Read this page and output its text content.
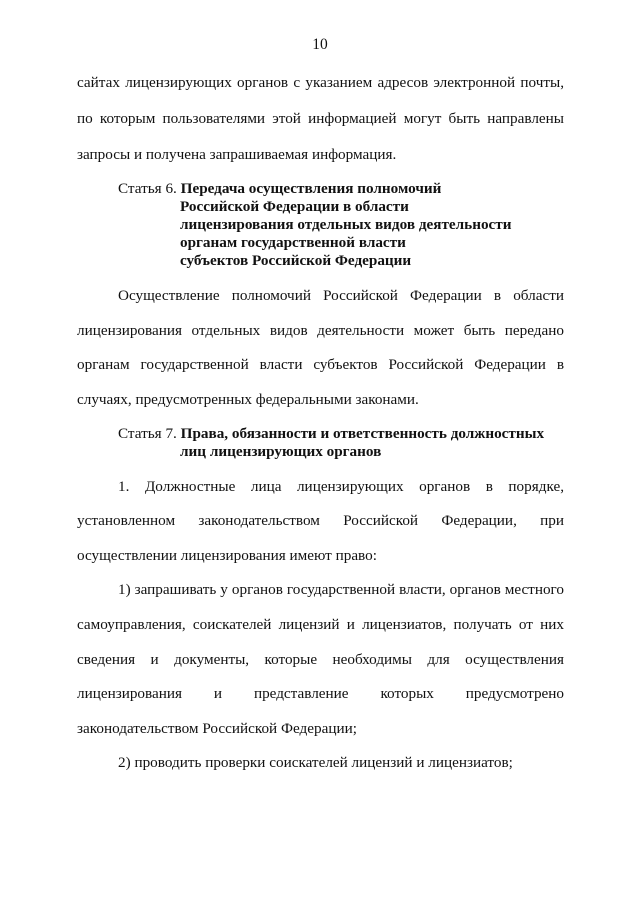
10
сайтах лицензирующих органов с указанием адресов электронной почты,
по которым пользователями этой информацией могут быть направлены
запросы и получена запрашиваемая информация.
Статья 6. Передача осуществления полномочий
Российской Федерации в области
лицензирования отдельных видов деятельности
органам государственной власти
субъектов Российской Федерации
Осуществление полномочий Российской Федерации в области
лицензирования отдельных видов деятельности может быть передано
органам государственной власти субъектов Российской Федерации в
случаях, предусмотренных федеральными законами.
Статья 7. Права, обязанности и ответственность должностных
лиц лицензирующих органов
1. Должностные лица лицензирующих органов в порядке,
установленном законодательством Российской Федерации, при
осуществлении лицензирования имеют право:
1) запрашивать у органов государственной власти, органов местного
самоуправления, соискателей лицензий и лицензиатов, получать от них
сведения и документы, которые необходимы для осуществления
лицензирования и представление которых предусмотрено
законодательством Российской Федерации;
2) проводить проверки соискателей лицензий и лицензиатов;
